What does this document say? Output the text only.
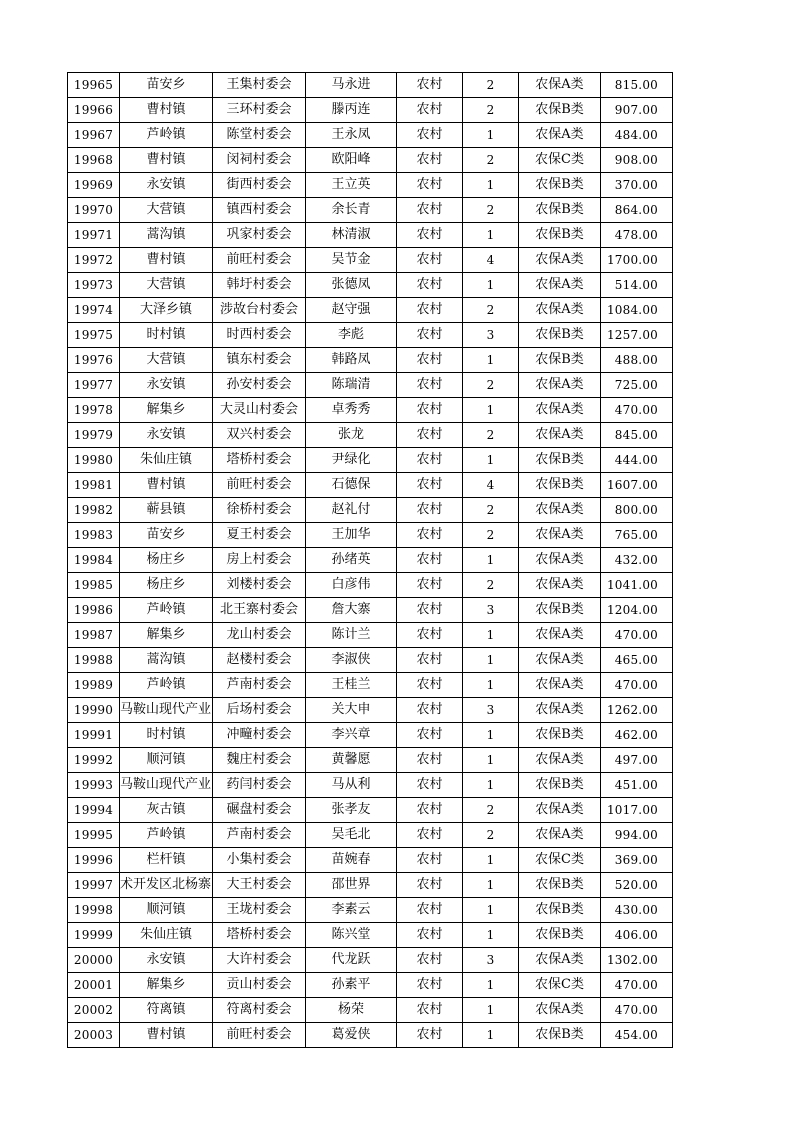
19965	苗安乡	王集村委会	马永进	农村	2	农保A类	815.00
19966	曹村镇	三环村委会	滕丙连	农村	2	农保B类	907.00
19967	芦岭镇	陈堂村委会	王永凤	农村	1	农保A类	484.00
19968	曹村镇	闵祠村委会	欧阳峰	农村	2	农保C类	908.00
19969	永安镇	街西村委会	王立英	农村	1	农保B类	370.00
19970	大营镇	镇西村委会	余长青	农村	2	农保B类	864.00
19971	蒿沟镇	巩家村委会	林清淑	农村	1	农保B类	478.00
19972	曹村镇	前旺村委会	吴节金	农村	4	农保A类	1700.00
19973	大营镇	韩圩村委会	张德凤	农村	1	农保A类	514.00
19974	大泽乡镇	涉故台村委会	赵守强	农村	2	农保A类	1084.00
19975	时村镇	时西村委会	李彪	农村	3	农保B类	1257.00
19976	大营镇	镇东村委会	韩路凤	农村	1	农保B类	488.00
19977	永安镇	孙安村委会	陈瑞清	农村	2	农保A类	725.00
19978	解集乡	大灵山村委会	卓秀秀	农村	1	农保A类	470.00
19979	永安镇	双兴村委会	张龙	农村	2	农保A类	845.00
19980	朱仙庄镇	塔桥村委会	尹绿化	农村	1	农保B类	444.00
19981	曹村镇	前旺村委会	石德保	农村	4	农保B类	1607.00
19982	蕲县镇	徐桥村委会	赵礼付	农村	2	农保A类	800.00
19983	苗安乡	夏王村委会	王加华	农村	2	农保A类	765.00
19984	杨庄乡	房上村委会	孙绪英	农村	1	农保A类	432.00
19985	杨庄乡	刘楼村委会	白彦伟	农村	2	农保A类	1041.00
19986	芦岭镇	北王寨村委会	詹大寨	农村	3	农保B类	1204.00
19987	解集乡	龙山村委会	陈计兰	农村	1	农保A类	470.00
19988	蒿沟镇	赵楼村委会	李淑侠	农村	1	农保A类	465.00
19989	芦岭镇	芦南村委会	王桂兰	农村	1	农保A类	470.00
19990	马鞍山现代产业	后场村委会	关大申	农村	3	农保A类	1262.00
19991	时村镇	冲疃村委会	李兴章	农村	1	农保B类	462.00
19992	顺河镇	魏庄村委会	黄馨愿	农村	1	农保A类	497.00
19993	马鞍山现代产业	药闫村委会	马从利	农村	1	农保B类	451.00
19994	灰古镇	碾盘村委会	张孝友	农村	2	农保A类	1017.00
19995	芦岭镇	芦南村委会	吴毛北	农村	2	农保A类	994.00
19996	栏杆镇	小集村委会	苗婉春	农村	1	农保C类	369.00
19997	术开发区北杨寨	大王村委会	邵世界	农村	1	农保B类	520.00
19998	顺河镇	王垅村委会	李素云	农村	1	农保B类	430.00
19999	朱仙庄镇	塔桥村委会	陈兴堂	农村	1	农保B类	406.00
20000	永安镇	大许村委会	代龙跃	农村	3	农保A类	1302.00
20001	解集乡	贡山村委会	孙素平	农村	1	农保C类	470.00
20002	符离镇	符离村委会	杨荣	农村	1	农保A类	470.00
20003	曹村镇	前旺村委会	葛爱侠	农村	1	农保B类	454.00
